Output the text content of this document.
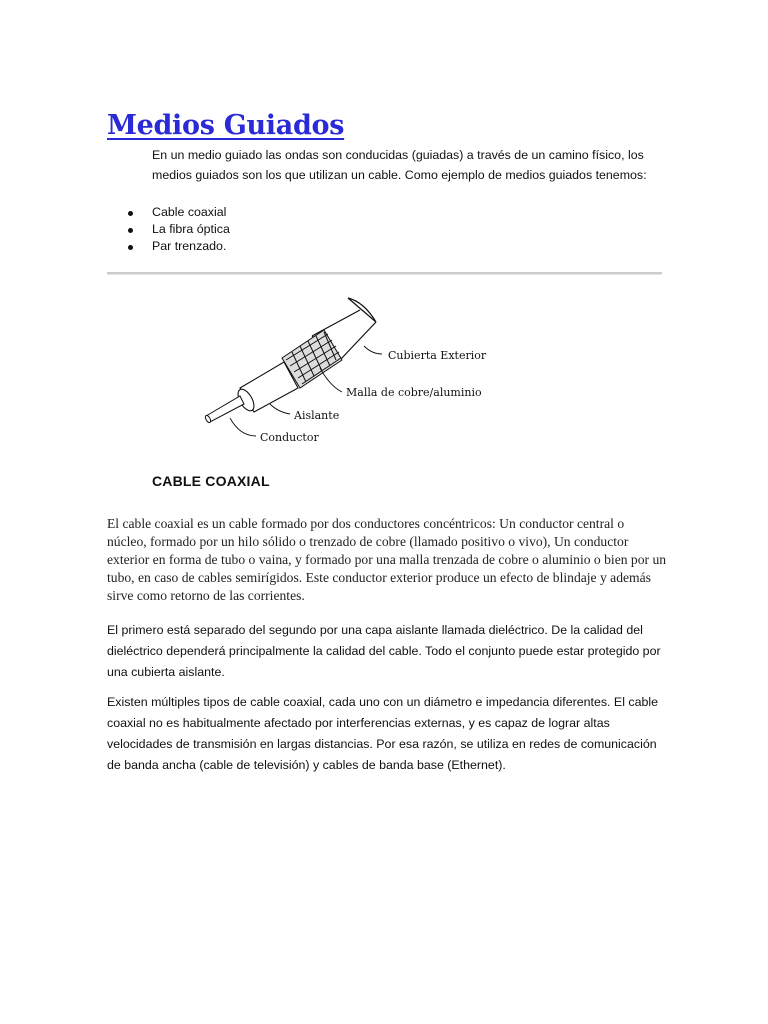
Medios Guiados

En un medio guiado las ondas son conducidas (guiadas) a través de un camino físico, los medios guiados son los que utilizan un cable. Como ejemplo de medios guiados tenemos:

Cable coaxial
La fibra óptica
Par trenzado.
Cubierta Exterior
Malla de cobre/aluminio
Aislante
Conductor
CABLE COAXIAL

El cable coaxial es un cable formado por dos conductores concéntricos: Un conductor central o núcleo, formado por un hilo sólido o trenzado de cobre (llamado positivo o vivo), Un conductor exterior en forma de tubo o vaina, y formado por una malla trenzada de cobre o aluminio o bien por un tubo, en caso de cables semirígidos. Este conductor exterior produce un efecto de blindaje y además sirve como retorno de las corrientes.

El primero está separado del segundo por una capa aislante llamada dieléctrico. De la calidad del dieléctrico dependerá principalmente la calidad del cable. Todo el conjunto puede estar protegido por una cubierta aislante.

Existen múltiples tipos de cable coaxial, cada uno con un diámetro e impedancia diferentes. El cable coaxial no es habitualmente afectado por interferencias externas, y es capaz de lograr altas velocidades de transmisión en largas distancias. Por esa razón, se utiliza en redes de comunicación de banda ancha (cable de televisión) y cables de banda base (Ethernet).
